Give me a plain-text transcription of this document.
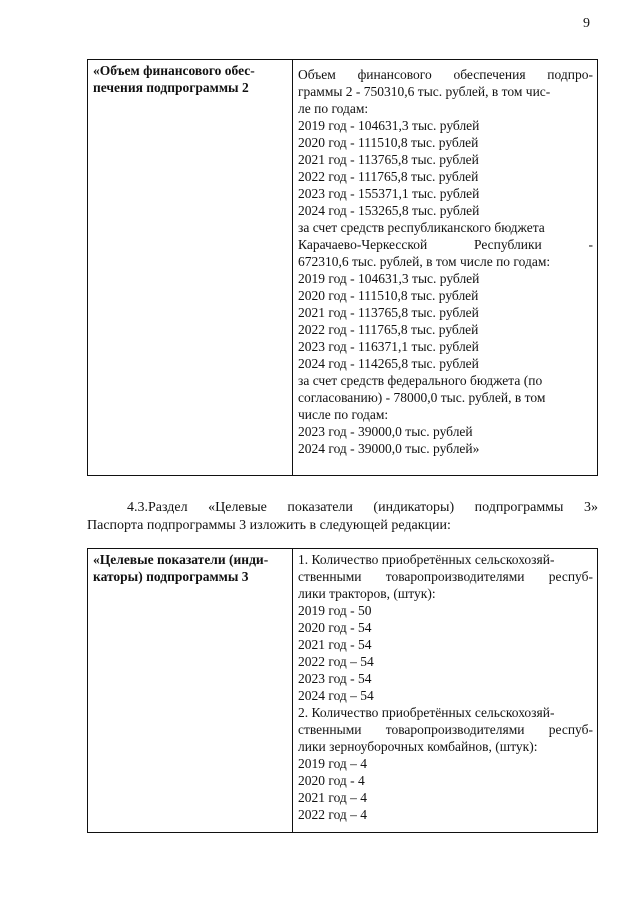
9
«Объем финансового обес-
печения подпрограммы 2
Объем финансового обеспечения подпро-
граммы 2 - 750310,6 тыс. рублей, в том чис-
ле по годам:
2019 год - 104631,3 тыс. рублей
2020 год - 111510,8 тыс. рублей
2021 год - 113765,8 тыс. рублей
2022 год - 111765,8 тыс. рублей
2023 год - 155371,1 тыс. рублей
2024 год - 153265,8 тыс. рублей
за счет средств республиканского бюджета
Карачаево-Черкесской	Республики	-
672310,6 тыс. рублей, в том числе по годам:
2019 год - 104631,3 тыс. рублей
2020 год - 111510,8 тыс. рублей
2021 год - 113765,8 тыс. рублей
2022 год - 111765,8 тыс. рублей
2023 год - 116371,1 тыс. рублей
2024 год - 114265,8 тыс. рублей
за счет средств федерального бюджета (по
согласованию) - 78000,0 тыс. рублей, в том
числе по годам:
2023 год - 39000,0 тыс. рублей
2024 год - 39000,0 тыс. рублей»
4.3.Раздел «Целевые показатели (индикаторы) подпрограммы 3»
Паспорта подпрограммы 3 изложить в следующей редакции:
«Целевые показатели (инди-
каторы) подпрограммы 3
1. Количество приобретённых сельскохозяй-
ственными товаропроизводителями респуб-
лики тракторов, (штук):
2019 год - 50
2020 год - 54
2021 год - 54
2022 год – 54
2023 год - 54
2024 год – 54
2. Количество приобретённых сельскохозяй-
ственными товаропроизводителями респуб-
лики зерноуборочных комбайнов, (штук):
2019 год – 4
2020 год - 4
2021 год – 4
2022 год – 4
